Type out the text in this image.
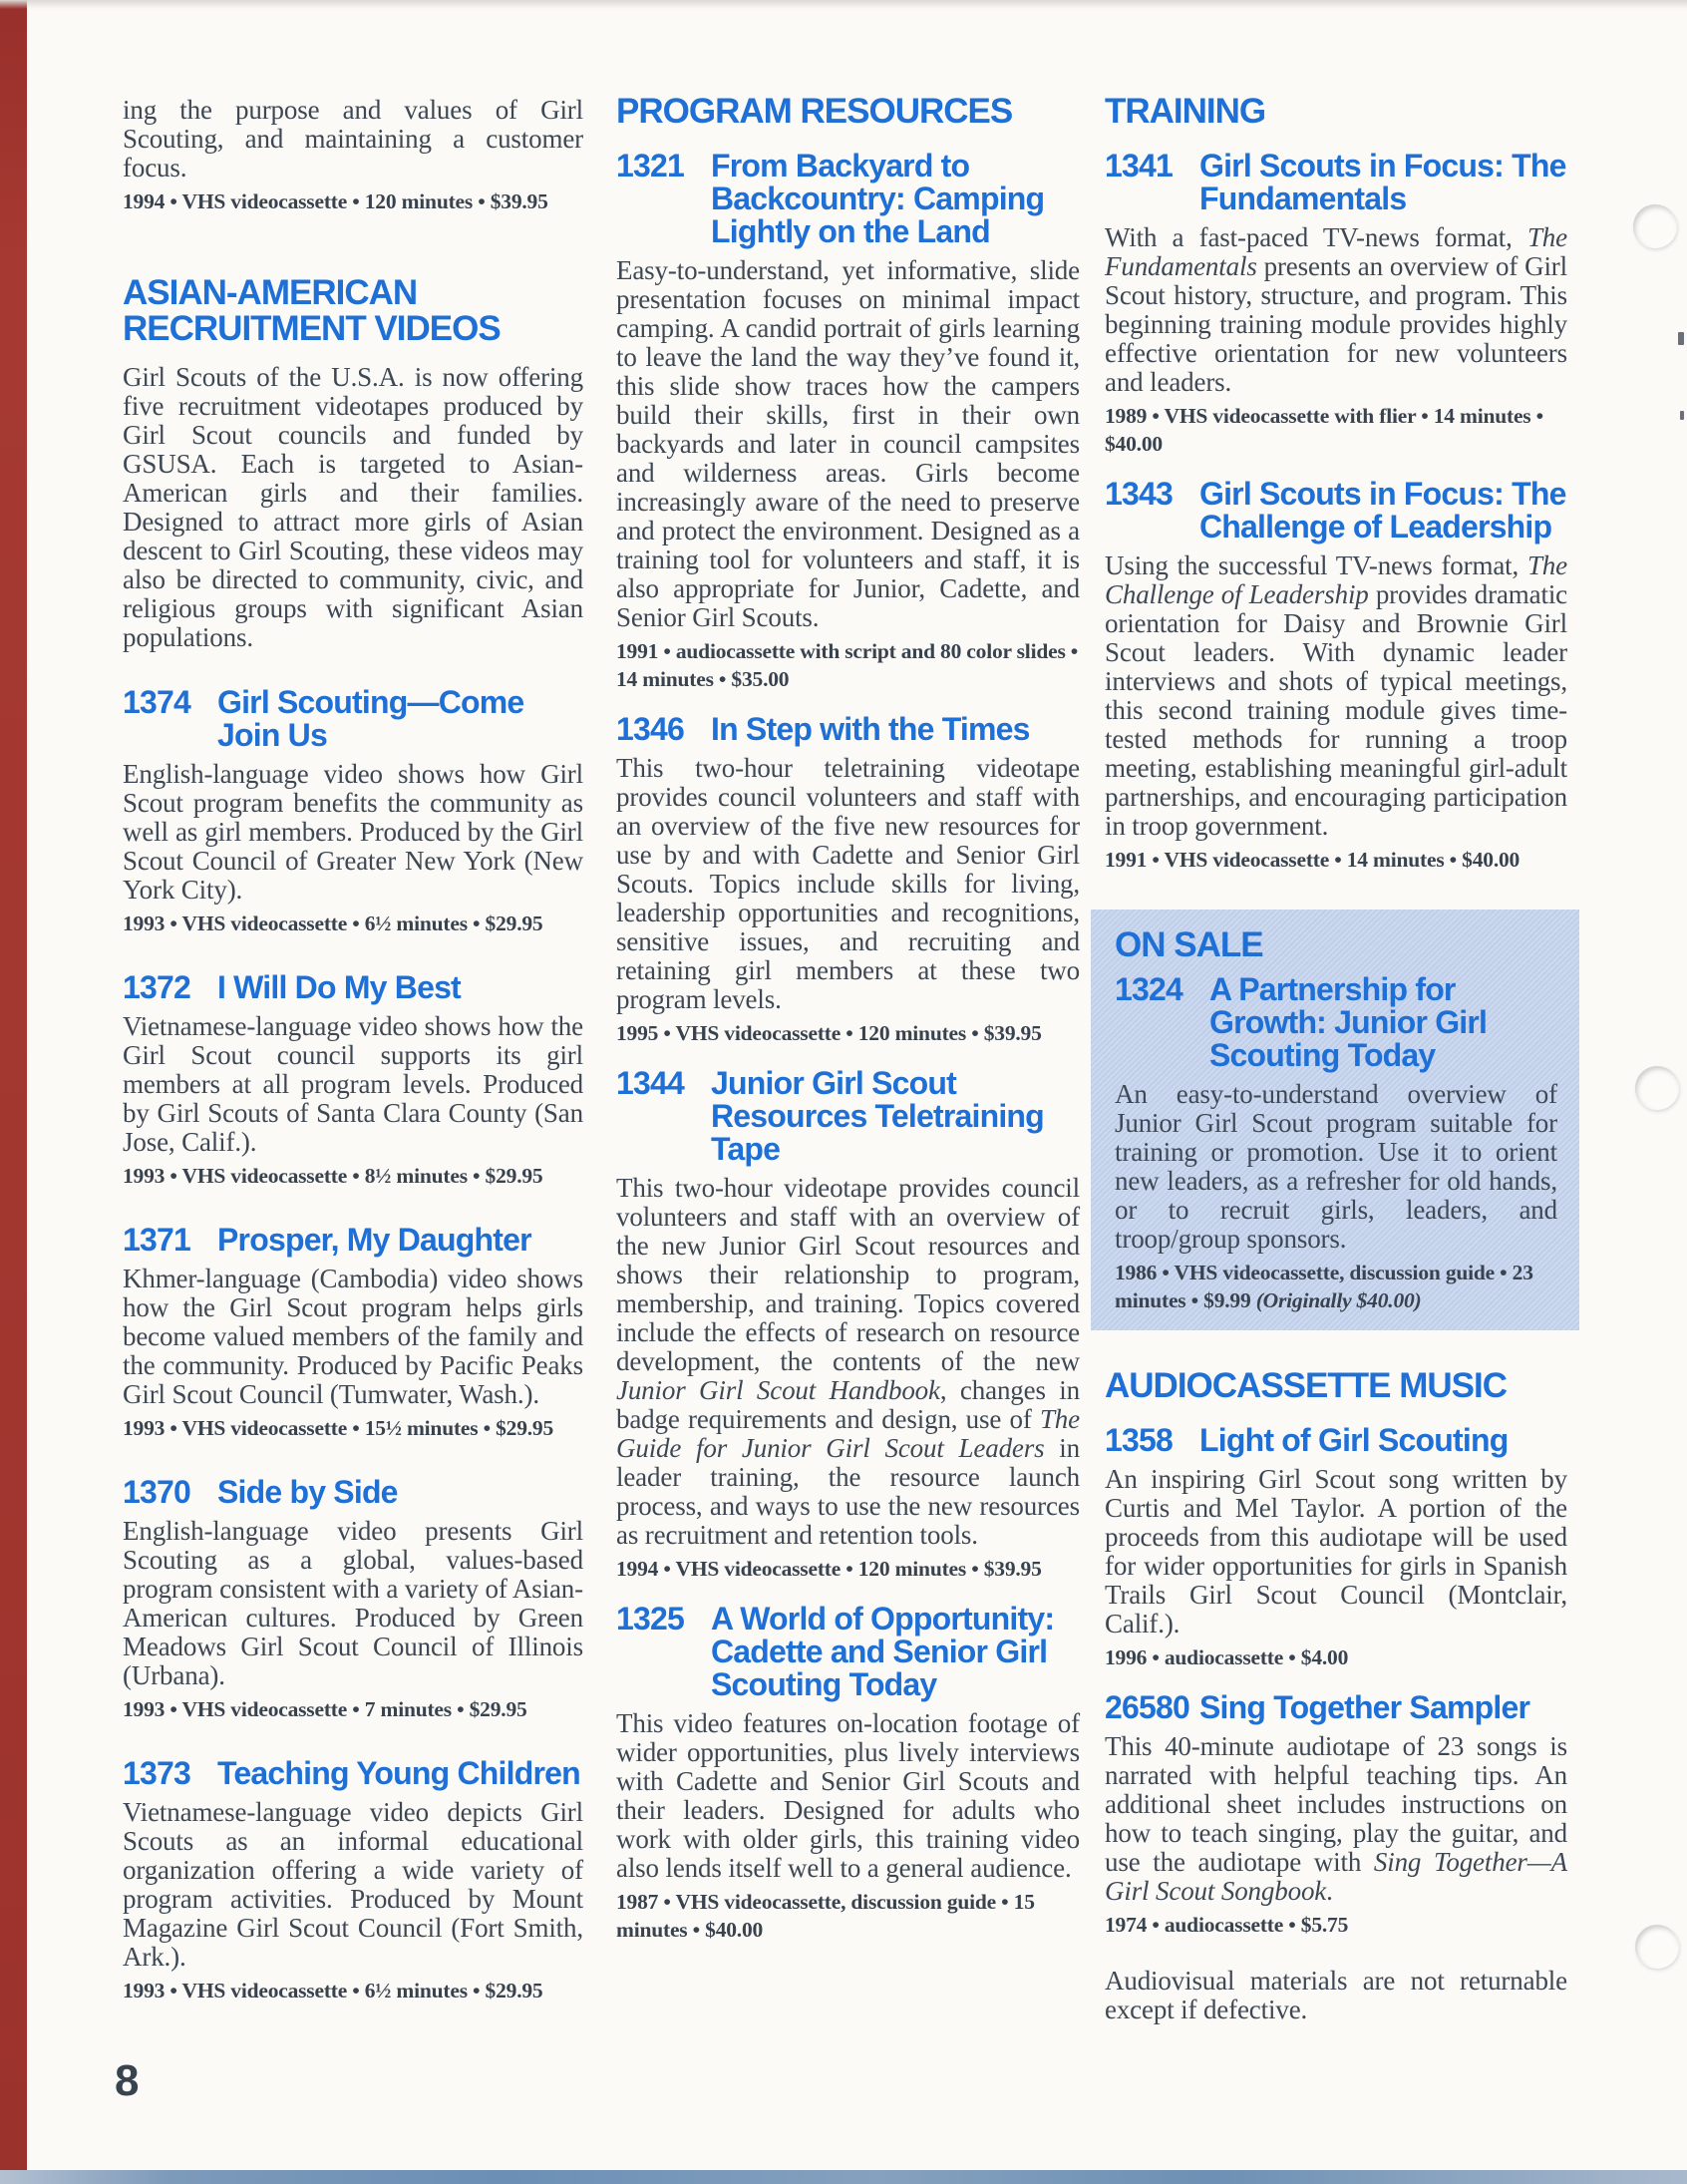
ing the purpose and values of Girl Scouting, and maintaining a customer focus.

1994 • VHS videocassette • 120 minutes • $39.95

ASIAN-AMERICAN RECRUITMENT VIDEOS

Girl Scouts of the U.S.A. is now offering five recruitment videotapes produced by Girl Scout councils and funded by GSUSA. Each is targeted to Asian-American girls and their families. Designed to attract more girls of Asian descent to Girl Scouting, these videos may also be directed to community, civic, and religious groups with significant Asian populations.

1374 Girl Scouting—Come Join Us

English-language video shows how Girl Scout program benefits the community as well as girl members. Produced by the Girl Scout Council of Greater New York (New York City).

1993 • VHS videocassette • 6½ minutes • $29.95

1372 I Will Do My Best

Vietnamese-language video shows how the Girl Scout council supports its girl members at all program levels. Produced by Girl Scouts of Santa Clara County (San Jose, Calif.).

1993 • VHS videocassette • 8½ minutes • $29.95

1371 Prosper, My Daughter

Khmer-language (Cambodia) video shows how the Girl Scout program helps girls become valued members of the family and the community. Produced by Pacific Peaks Girl Scout Council (Tumwater, Wash.).

1993 • VHS videocassette • 15½ minutes • $29.95

1370 Side by Side

English-language video presents Girl Scouting as a global, values-based program consistent with a variety of Asian-American cultures. Produced by Green Meadows Girl Scout Council of Illinois (Urbana).

1993 • VHS videocassette • 7 minutes • $29.95

1373 Teaching Young Children

Vietnamese-language video depicts Girl Scouts as an informal educational organization offering a wide variety of program activities. Produced by Mount Magazine Girl Scout Council (Fort Smith, Ark.).

1993 • VHS videocassette • 6½ minutes • $29.95

PROGRAM RESOURCES
1321 From Backyard to Backcountry: Camping Lightly on the Land

Easy-to-understand, yet informative, slide presentation focuses on minimal impact camping. A candid portrait of girls learning to leave the land the way they’ve found it, this slide show traces how the campers build their skills, first in their own backyards and later in council campsites and wilderness areas. Girls become increasingly aware of the need to preserve and protect the environment. Designed as a training tool for volunteers and staff, it is also appropriate for Junior, Cadette, and Senior Girl Scouts.

1991 • audiocassette with script and 80 color slides • 14 minutes • $35.00

1346 In Step with the Times

This two-hour teletraining videotape provides council volunteers and staff with an overview of the five new resources for use by and with Cadette and Senior Girl Scouts. Topics include skills for living, leadership opportunities and recognitions, sensitive issues, and recruiting and retaining girl members at these two program levels.

1995 • VHS videocassette • 120 minutes • $39.95

1344 Junior Girl Scout Resources Teletraining Tape

This two-hour videotape provides council volunteers and staff with an overview of the new Junior Girl Scout resources and shows their relationship to program, membership, and training. Topics covered include the effects of research on resource development, the contents of the new Junior Girl Scout Handbook, changes in badge requirements and design, use of The Guide for Junior Girl Scout Leaders in leader training, the resource launch process, and ways to use the new resources as recruitment and retention tools.

1994 • VHS videocassette • 120 minutes • $39.95

1325 A World of Opportunity: Cadette and Senior Girl Scouting Today

This video features on-location footage of wider opportunities, plus lively interviews with Cadette and Senior Girl Scouts and their leaders. Designed for adults who work with older girls, this training video also lends itself well to a general audience.

1987 • VHS videocassette, discussion guide • 15 minutes • $40.00

TRAINING
1341 Girl Scouts in Focus: The Fundamentals

With a fast-paced TV-news format, The Fundamentals presents an overview of Girl Scout history, structure, and program. This beginning training module provides highly effective orientation for new volunteers and leaders.

1989 • VHS videocassette with flier • 14 minutes • $40.00

1343 Girl Scouts in Focus: The Challenge of Leadership

Using the successful TV-news format, The Challenge of Leadership provides dramatic orientation for Daisy and Brownie Girl Scout leaders. With dynamic leader interviews and shots of typical meetings, this second training module gives time-tested methods for running a troop meeting, establishing meaningful girl-adult partnerships, and encouraging participation in troop government.

1991 • VHS videocassette • 14 minutes • $40.00

ON SALE
1324 A Partnership for Growth: Junior Girl Scouting Today

An easy-to-understand overview of Junior Girl Scout program suitable for training or promotion. Use it to orient new leaders, as a refresher for old hands, or to recruit girls, leaders, and troop/group sponsors.

1986 • VHS videocassette, discussion guide • 23 minutes • $9.99 (Originally $40.00)

AUDIOCASSETTE MUSIC
1358 Light of Girl Scouting

An inspiring Girl Scout song written by Curtis and Mel Taylor. A portion of the proceeds from this audiotape will be used for wider opportunities for girls in Spanish Trails Girl Scout Council (Montclair, Calif.).

1996 • audiocassette • $4.00

26580 Sing Together Sampler

This 40-minute audiotape of 23 songs is narrated with helpful teaching tips. An additional sheet includes instructions on how to teach singing, play the guitar, and use the audiotape with Sing Together—A Girl Scout Songbook.

1974 • audiocassette • $5.75

Audiovisual materials are not returnable except if defective.

8
